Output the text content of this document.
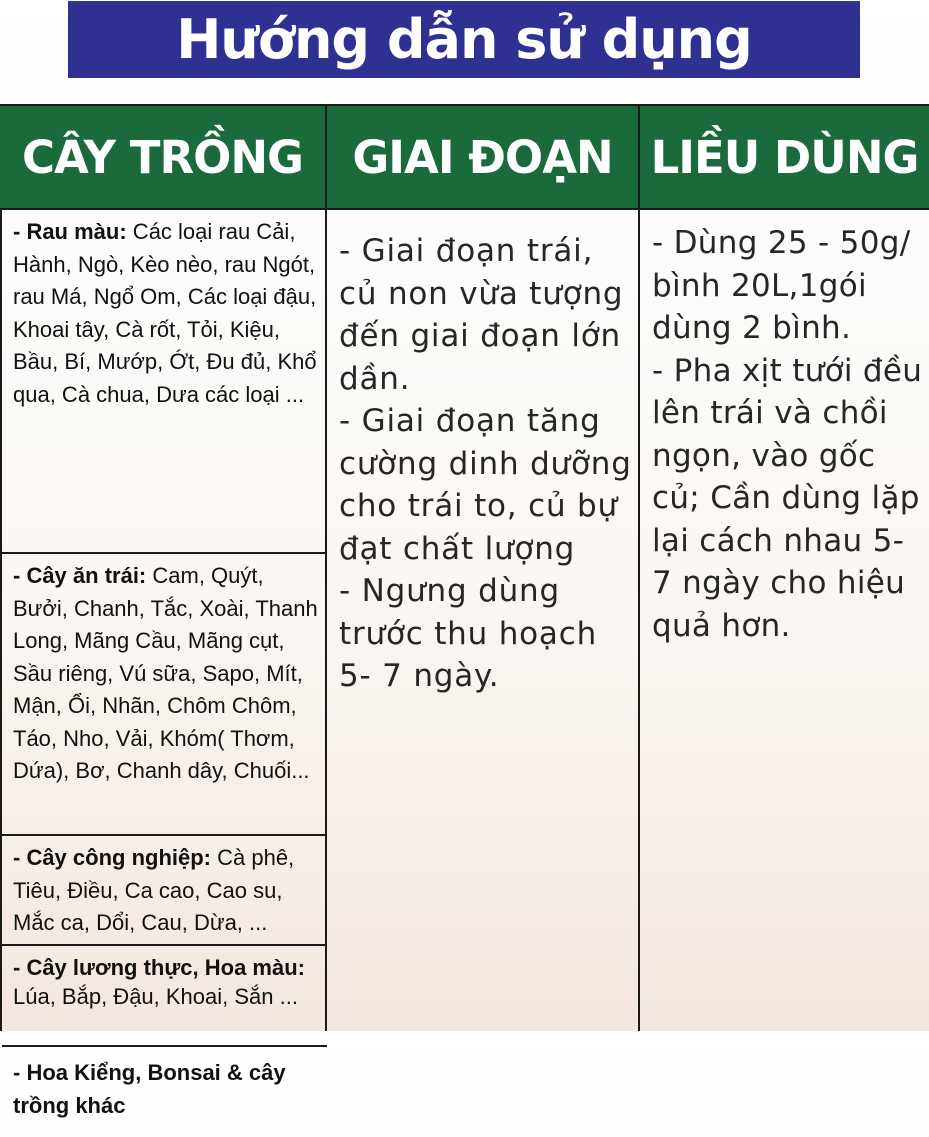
Hướng dẫn sử dụng
CÂY TRỒNG	GIAI ĐOẠN LIỀU DÙNG
- Rau màu: Các loại rau Cải, Hành, Ngò, Kèo nèo, rau Ngót, rau Má, Ngổ Om, Các loại đậu, Khoai tây, Cà rốt, Tỏi, Kiệu, Bầu, Bí, Mướp, Ớt, Đu đủ, Khổ qua, Cà chua, Dưa các loại ...
- Cây ăn trái: Cam, Quýt, Bưởi, Chanh, Tắc, Xoài, Thanh Long, Mãng Cầu, Mãng cụt, Sầu riêng, Vú sữa, Sapo, Mít, Mận, Ổi, Nhãn, Chôm Chôm, Táo, Nho, Vải, Khóm( Thơm, Dứa), Bơ, Chanh dây, Chuối...
- Cây công nghiệp: Cà phê, Tiêu, Điều, Ca cao, Cao su, Mắc ca, Dổi, Cau, Dừa, ...
- Cây lương thực, Hoa màu: Lúa, Bắp, Đậu, Khoai, Sắn ...
- Hoa Kiểng, Bonsai & cây trồng khác
- Giai đoạn trái, củ non vừa tượng đến giai đoạn lớn dần.
- Giai đoạn tăng cường dinh dưỡng cho trái to, củ bự đạt chất lượng
- Ngưng dùng trước thu hoạch 5- 7 ngày.
- Dùng 25 - 50g/ bình 20L,1gói dùng 2 bình.
- Pha xịt tưới đều lên trái và chồi ngọn, vào gốc củ; Cần dùng lặp lại cách nhau 5- 7 ngày cho hiệu quả hơn.
